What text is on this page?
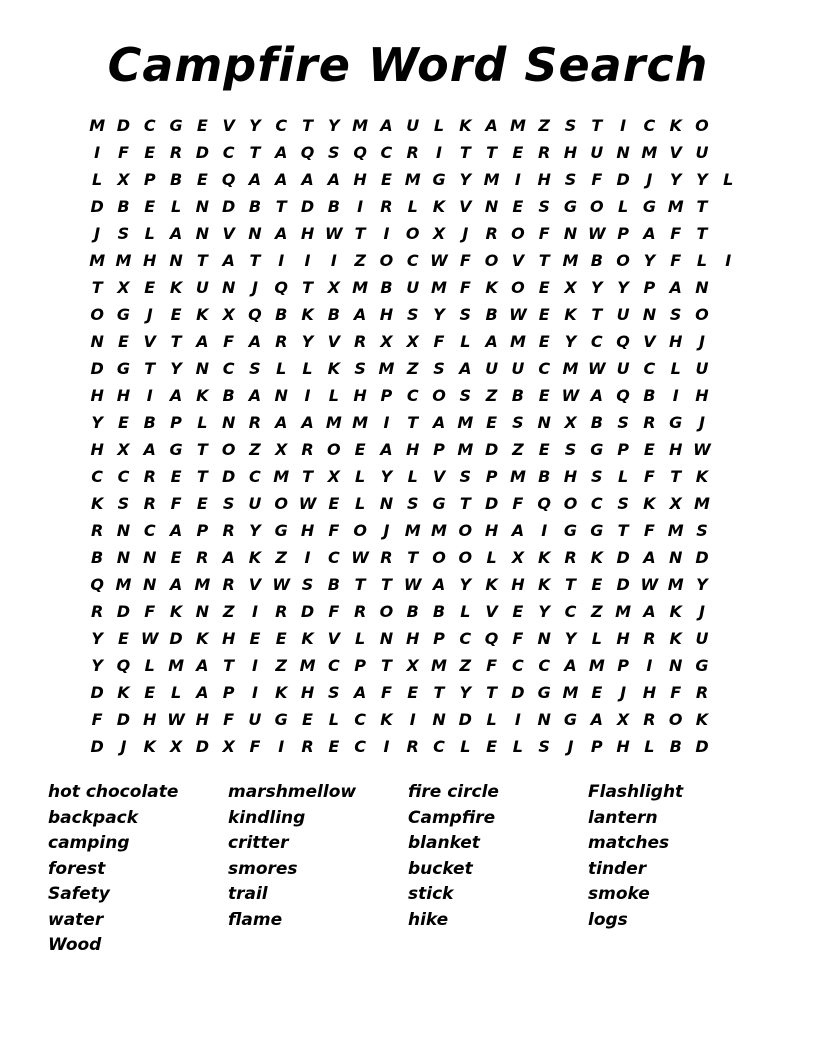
Campfire Word Search
M D C G E V Y C T Y M A U L K A M Z S T	I	C K O
I	F E R D C T A Q S Q C R	I	T T E R H U N M V U
L X P B E Q A A A A H E M G Y M I	H S F D	J	Y Y L
D B E L N D B T D B	I	R L K V N E S G O L G M T
J	S L A N V N A H W T	I	O X	J	R O F N W P A F T
M M H N T A T	I	I	I	Z O C W F O V T M B O Y F L	I
T X E K U N	J	Q T X M B U M F K O E X Y Y P A N
O G	J	E K X Q B K B A H S Y S B W E K T U N S O
N E V T A F A R Y V R X X F L A M E Y C Q V H	J
D G T Y N C S L	L K S M Z S A U U C M W U C L U
H H	I	A K B A N	I	L H P C O S Z B E W A Q B	I	H
Y E B P L N R A A M M I	T A M E S N X B S R G	J
H X A G T O Z X R O E A H P M D Z E S G P E H W
C C R E T D C M T X L Y L V S P M B H S L F T K
K S R F E S U O W E L N S G T D F Q O C S K X M
R N C A P R Y G H F O	J M M O H A	I	G G T F M S
B N N E R A K Z	I	C W R T O O L X K R K D A N D
Q M N A M R V W S B T T W A Y K H K T E D W M Y
R D F K N Z	I	R D F R O B B L V E Y C Z M A K	J
Y E W D K H E E K V L N H P C Q F N Y L H R K U
Y Q L M A T	I	Z M C P T X M Z F C C A M P	I	N G
D K E L A P	I	K H S A F E T Y T D G M E	J	H F R
F D H W H F U G E L C K	I	N D L	I	N G A X R O K
D	J	K X D X F	I	R E C	I	R C L E L S	J	P H L B D
hot chocolate
backpack
camping
forest
Safety
water
Wood
marshmellow
kindling
critter
smores
trail
flame
fire circle
Campfire
blanket
bucket
stick
hike
Flashlight
lantern
matches
tinder
smoke
logs
